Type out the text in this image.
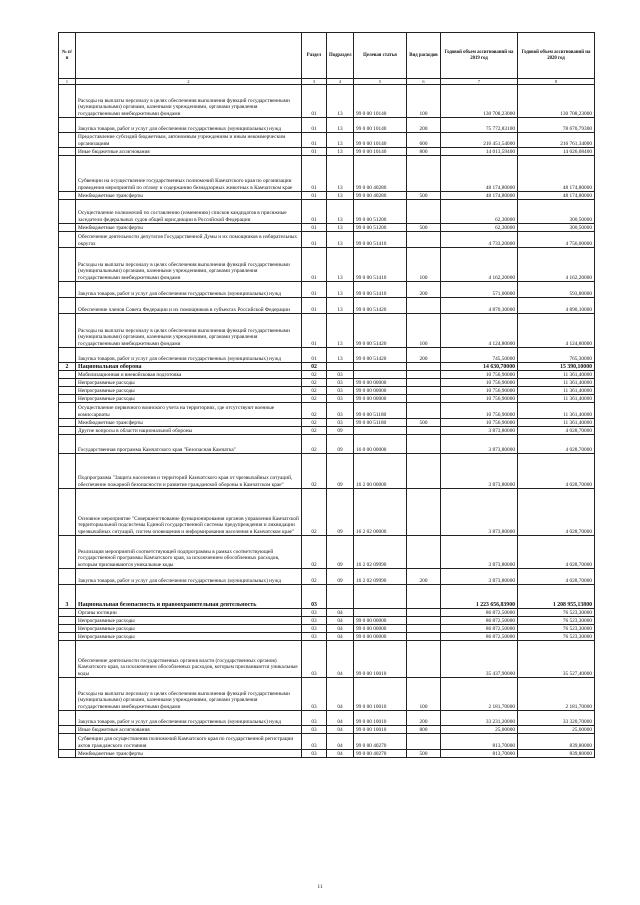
№ п/п		Раздел	Подраздел	Целевая статья	Вид расходов	Годовой объем ассигнований на 2019 год	Годовой объем ассигнований на 2020 год
1	2	3	4	5	6	7	8
	Расходы на выплаты персоналу в целях обеспечения выполнения функций государственными (муниципальными) органами, казенными учреждениями, органами управления государственными внебюджетными фондами	01	13	99 0 00 10140	100	130 708,23000	130 708,23000
	Закупка товаров, работ и услуг для обеспечения государственных (муниципальных) нужд	01	13	99 0 00 10140	200	75 772,83100	78 670,79300
	Предоставление субсидий бюджетным, автономным учреждениям и иным некоммерческим организациям	01	13	99 0 00 10140	600	216 451,54000	216 761,34000
	Иные бюджетные ассигнования	01	13	99 0 00 10140	800	14 013,59400	14 026,08400
	Субвенции на осуществление государственных полномочий Камчатского края по организации проведения мероприятий по отлову и содержанию безнадзорных животных в Камчатском крае	01	13	99 0 00 40280		48 174,80000	48 174,80000
	Межбюджетные трансферты	01	13	99 0 00 40280	500	48 174,80000	48 174,80000
	Осуществление полномочий по составлению (изменению) списков кандидатов в присяжные заседатели федеральных судов общей юрисдикции в Российской Федерации	01	13	99 0 00 51200		62,30000	300,50000
	Межбюджетные трансферты	01	13	99 0 00 51200	500	62,30000	300,50000
	Обеспечение деятельности депутатов Государственной Думы и их помощников в избирательных округах	01	13	99 0 00 51410		4 733,20000	4 756,00000
	Расходы на выплаты персоналу в целях обеспечения выполнения функций государственными (муниципальными) органами, казенными учреждениями, органами управления государственными внебюджетными фондами	01	13	99 0 00 51410	100	4 162,20000	4 162,20000
	Закупка товаров, работ и услуг для обеспечения государственных (муниципальных) нужд	01	13	99 0 00 51410	200	571,00000	593,80000
	Обеспечение членов Совета Федерации и их помощников в субъектах Российской Федерации	01	13	99 0 00 51420		4 870,30000	4 890,10000
	Расходы на выплаты персоналу в целях обеспечения выполнения функций государственными (муниципальными) органами, казенными учреждениями, органами управления государственными внебюджетными фондами	01	13	99 0 00 51420	100	4 124,80000	4 124,80000
	Закупка товаров, работ и услуг для обеспечения государственных (муниципальных) нужд	01	13	99 0 00 51420	200	745,50000	765,30000
2	Национальная оборона	02				14 630,70000	15 390,10000
	Мобилизационная и вневойсковая подготовка	02	03			10 756,90000	11 361,40000
	Непрограммные расходы	02	03	99 0 00 00000		10 756,90000	11 361,40000
	Непрограммные расходы	02	03	99 0 00 00000		10 756,90000	11 361,40000
	Непрограммные расходы	02	03	99 0 00 00000		10 756,90000	11 361,40000
	Осуществление первичного воинского учета на территориях, где отсутствуют военные комиссариаты	02	03	99 0 00 51180		10 756,90000	11 361,40000
	Межбюджетные трансферты	02	03	99 0 00 51180	500	10 756,90000	11 361,40000
	Другие вопросы в области национальной обороны	02	09			3 873,80000	4 028,70000
	Государственная программа Камчатского края "Безопасная Камчатка"	02	09	16 0 00 00000		3 873,80000	4 028,70000
	Подпрограмма "Защита населения и территорий Камчатского края от чрезвычайных ситуаций, обеспечение пожарной безопасности и развитие гражданской обороны в Камчатском крае"	02	09	16 2 00 00000		3 873,80000	4 028,70000
	Основное мероприятие "Совершенствование функционирования органов управления Камчатской территориальной подсистемы Единой государственной системы предупреждения и ликвидации чрезвычайных ситуаций, систем оповещения и информирования населения в Камчатском крае"	02	09	16 2 02 00000		3 873,80000	4 028,70000
	Реализация мероприятий соответствующей подпрограммы в рамках соответствующей государственной программы Камчатского края, за исключением обособленных расходов, которым присваиваются уникальные коды	02	09	16 2 02 09990		3 873,80000	4 028,70000
	Закупка товаров, работ и услуг для обеспечения государственных (муниципальных) нужд	02	09	16 2 02 09990	200	3 873,80000	4 028,70000
3	Национальная безопасность и правоохранительная деятельность	03				1 223 656,83900	1 208 955,13800
	Органы юстиции	03	04			86 872,50000	76 523,30000
	Непрограммные расходы	03	04	99 0 00 00000		86 872,50000	76 523,30000
	Непрограммные расходы	03	04	99 0 00 00000		86 872,50000	76 523,30000
	Непрограммные расходы	03	04	99 0 00 00000		86 872,50000	76 523,30000
	Обеспечение деятельности государственных органов власти (государственных органов) Камчатского края, за исключением обособленных расходов, которым присваиваются уникальные коды	03	04	99 0 00 10010		35 437,90000	35 527,40000
	Расходы на выплаты персоналу в целях обеспечения выполнения функций государственными (муниципальными) органами, казенными учреждениями, органами управления государственными внебюджетными фондами	03	04	99 0 00 10010	100	2 181,70000	2 181,70000
	Закупка товаров, работ и услуг для обеспечения государственных (муниципальных) нужд	03	04	99 0 00 10010	200	33 231,20000	33 320,70000
	Иные бюджетные ассигнования	03	04	99 0 00 10010	800	25,00000	25,00000
	Субвенции для осуществления полномочий Камчатского края по государственной регистрации актов гражданского состояния	03	04	99 0 00 40270		813,70000	839,80000
	Межбюджетные трансферты	03	04	99 0 00 40270	500	813,70000	839,80000
11
